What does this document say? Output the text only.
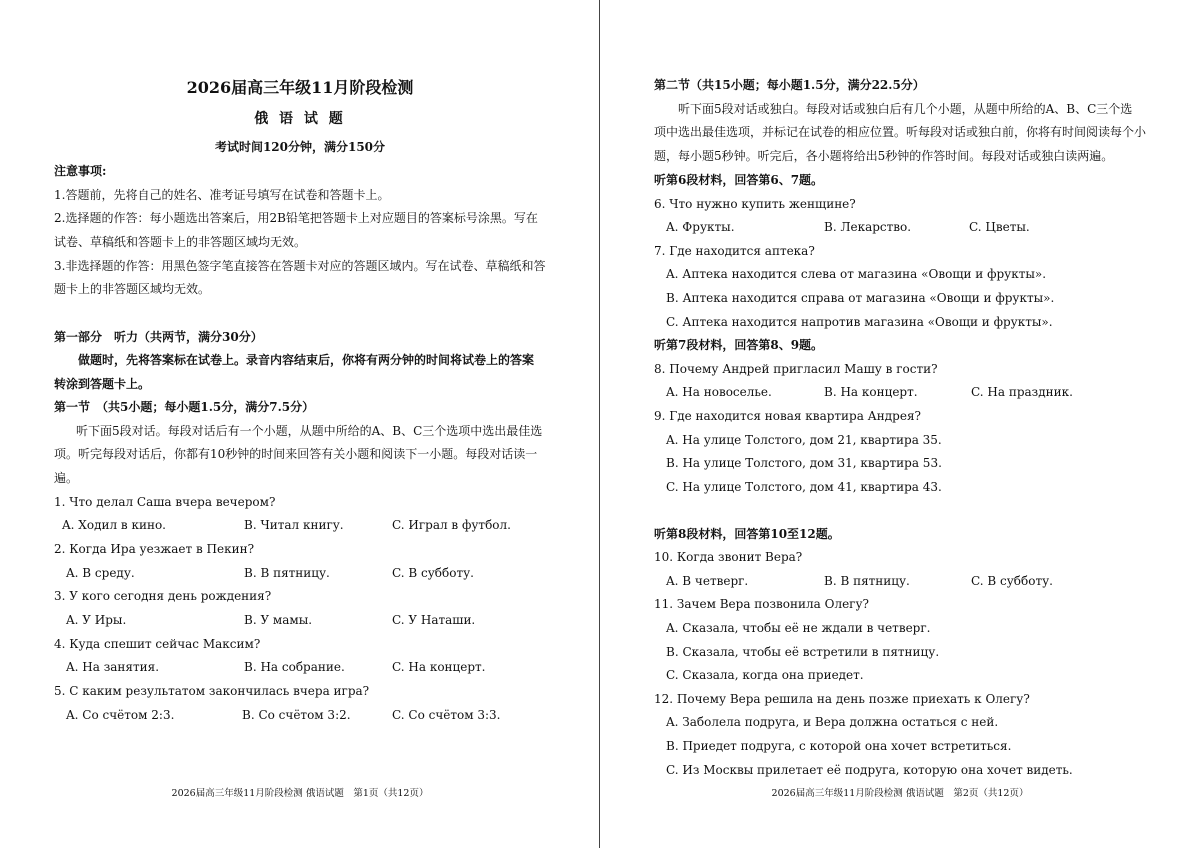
2026届高三年级11月阶段检测
俄 语 试 题
考试时间120分钟，满分150分
注意事项:
1.答题前，先将自己的姓名、准考证号填写在试卷和答题卡上。
2.选择题的作答：每小题选出答案后，用2B铅笔把答题卡上对应题目的答案标号涂黑。写在
试卷、草稿纸和答题卡上的非答题区域均无效。
3.非选择题的作答：用黑色签字笔直接答在答题卡对应的答题区域内。写在试卷、草稿纸和答
题卡上的非答题区域均无效。
第一部分　听力（共两节，满分30分）
做题时，先将答案标在试卷上。录音内容结束后，你将有两分钟的时间将试卷上的答案
转涂到答题卡上。
第一节　（共5小题；每小题1.5分，满分7.5分）
听下面5段对话。每段对话后有一个小题，从题中所给的A、B、C三个选项中选出最佳选
项。听完每段对话后，你都有10秒钟的时间来回答有关小题和阅读下一小题。每段对话读一
遍。
1. Что делал Саша вчера вечером?
A. Ходил в кино.	B. Читал книгу.	C. Играл в футбол.
2. Когда Ира уезжает в Пекин?
A. В среду.	B. В пятницу.	C. В субботу.
3. У кого сегодня день рождения?
A. У Иры.	B. У мамы.	C. У Наташи.
4. Куда спешит сейчас Максим?
A. На занятия.	B. На собрание.	C. На концерт.
5. С каким результатом закончилась вчера игра?
A. Со счётом 2:3.	B. Со счётом 3:2.	C. Со счётом 3:3.
2026届高三年级11月阶段检测 俄语试题　第1页（共12页）
第二节（共15小题；每小题1.5分，满分22.5分）
听下面5段对话或独白。每段对话或独白后有几个小题，从题中所给的A、B、C三个选
项中选出最佳选项，并标记在试卷的相应位置。听每段对话或独白前，你将有时间阅读每个小
题，每小题5秒钟。听完后，各小题将给出5秒钟的作答时间。每段对话或独白读两遍。
听第6段材料，回答第6、7题。
6. Что нужно купить женщине?
A. Фрукты.	B. Лекарство.	C. Цветы.
7. Где находится аптека?
A. Аптека находится слева от магазина «Овощи и фрукты».
B. Аптека находится справа от магазина «Овощи и фрукты».
C. Аптека находится напротив магазина «Овощи и фрукты».
听第7段材料，回答第8、9题。
8. Почему Андрей пригласил Машу в гости?
A. На новоселье.	B. На концерт.	C. На праздник.
9. Где находится новая квартира Андрея?
A. На улице Толстого, дом 21, квартира 35.
B. На улице Толстого, дом 31, квартира 53.
C. На улице Толстого, дом 41, квартира 43.
听第8段材料，回答第10至12题。
10. Когда звонит Вера?
A. В четверг.	B. В пятницу.	C. В субботу.
11. Зачем Вера позвонила Олегу?
A. Сказала, чтобы её не ждали в четверг.
B. Сказала, чтобы её встретили в пятницу.
C. Сказала, когда она приедет.
12. Почему Вера решила на день позже приехать к Олегу?
A. Заболела подруга, и Вера должна остаться с ней.
B. Приедет подруга, с которой она хочет встретиться.
C. Из Москвы прилетает её подруга, которую она хочет видеть.
2026届高三年级11月阶段检测 俄语试题　第2页（共12页）
